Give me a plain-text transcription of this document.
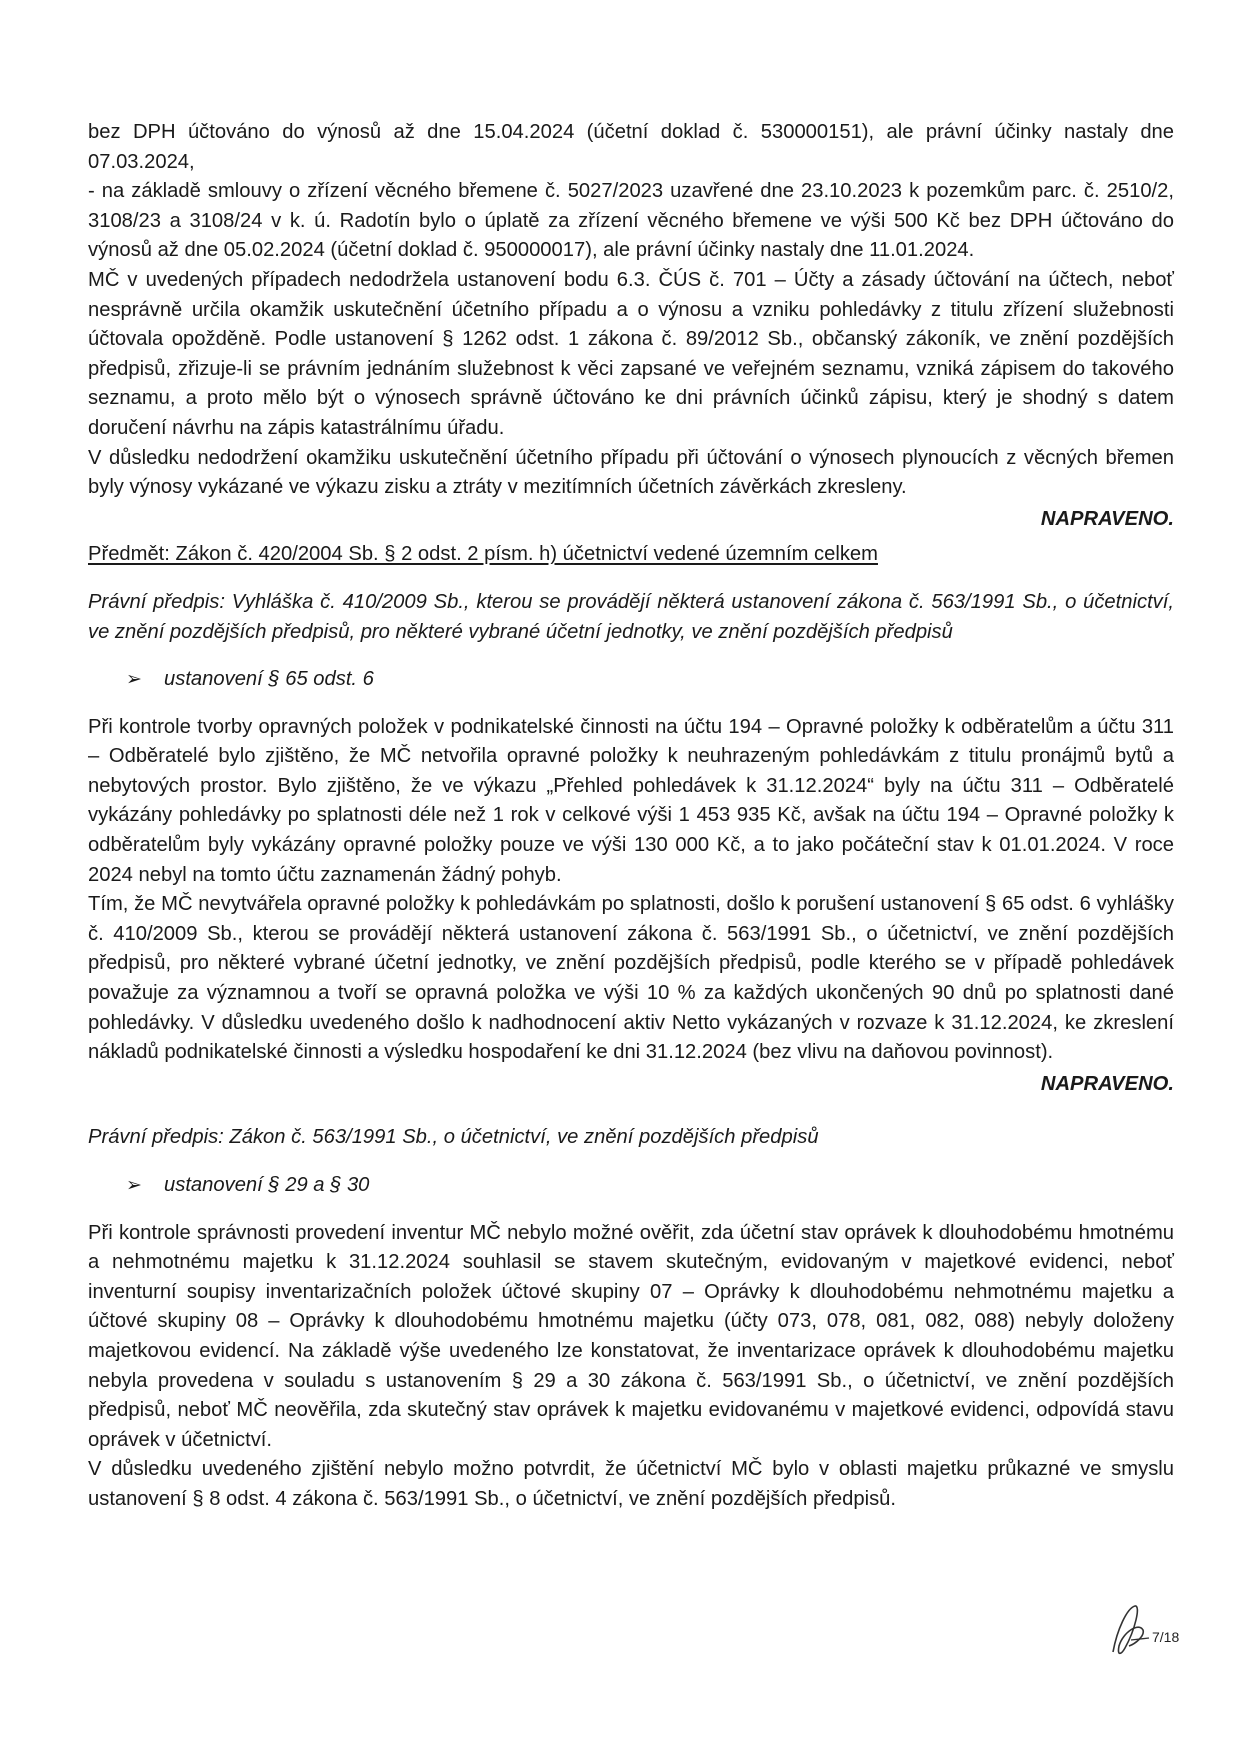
bez DPH účtováno do výnosů až dne 15.04.2024 (účetní doklad č. 530000151), ale právní účinky nastaly dne 07.03.2024,

- na základě smlouvy o zřízení věcného břemene č. 5027/2023 uzavřené dne 23.10.2023 k pozemkům parc. č. 2510/2, 3108/23 a 3108/24 v k. ú. Radotín bylo o úplatě za zřízení věcného břemene ve výši 500 Kč bez DPH účtováno do výnosů až dne 05.02.2024 (účetní doklad č. 950000017), ale právní účinky nastaly dne 11.01.2024.

MČ v uvedených případech nedodržela ustanovení bodu 6.3. ČÚS č. 701 – Účty a zásady účtování na účtech, neboť nesprávně určila okamžik uskutečnění účetního případu a o výnosu a vzniku pohledávky z titulu zřízení služebnosti účtovala opožděně. Podle ustanovení § 1262 odst. 1 zákona č. 89/2012 Sb., občanský zákoník, ve znění pozdějších předpisů, zřizuje-li se právním jednáním služebnost k věci zapsané ve veřejném seznamu, vzniká zápisem do takového seznamu, a proto mělo být o výnosech správně účtováno ke dni právních účinků zápisu, který je shodný s datem doručení návrhu na zápis katastrálnímu úřadu.

V důsledku nedodržení okamžiku uskutečnění účetního případu při účtování o výnosech plynoucích z věcných břemen byly výnosy vykázané ve výkazu zisku a ztráty v mezitímních účetních závěrkách zkresleny.

NAPRAVENO.

Předmět: Zákon č. 420/2004 Sb. § 2 odst. 2 písm. h) účetnictví vedené územním celkem

Právní předpis: Vyhláška č. 410/2009 Sb., kterou se provádějí některá ustanovení zákona č. 563/1991 Sb., o účetnictví, ve znění pozdějších předpisů, pro některé vybrané účetní jednotky, ve znění pozdějších předpisů

➢	ustanovení § 65 odst. 6

Při kontrole tvorby opravných položek v podnikatelské činnosti na účtu 194 – Opravné položky k odběratelům a účtu 311 – Odběratelé bylo zjištěno, že MČ netvořila opravné položky k neuhrazeným pohledávkám z titulu pronájmů bytů a nebytových prostor. Bylo zjištěno, že ve výkazu „Přehled pohledávek k 31.12.2024“ byly na účtu 311 – Odběratelé vykázány pohledávky po splatnosti déle než 1 rok v celkové výši 1 453 935 Kč, avšak na účtu 194 – Opravné položky k odběratelům byly vykázány opravné položky pouze ve výši 130 000 Kč, a to jako počáteční stav k 01.01.2024. V roce 2024 nebyl na tomto účtu zaznamenán žádný pohyb.

Tím, že MČ nevytvářela opravné položky k pohledávkám po splatnosti, došlo k porušení ustanovení § 65 odst. 6 vyhlášky č. 410/2009 Sb., kterou se provádějí některá ustanovení zákona č. 563/1991 Sb., o účetnictví, ve znění pozdějších předpisů, pro některé vybrané účetní jednotky, ve znění pozdějších předpisů, podle kterého se v případě pohledávek považuje za významnou a tvoří se opravná položka ve výši 10 % za každých ukončených 90 dnů po splatnosti dané pohledávky. V důsledku uvedeného došlo k nadhodnocení aktiv Netto vykázaných v rozvaze k 31.12.2024, ke zkreslení nákladů podnikatelské činnosti a výsledku hospodaření ke dni 31.12.2024 (bez vlivu na daňovou povinnost).

NAPRAVENO.

Právní předpis: Zákon č. 563/1991 Sb., o účetnictví, ve znění pozdějších předpisů

➢	ustanovení § 29 a § 30

Při kontrole správnosti provedení inventur MČ nebylo možné ověřit, zda účetní stav oprávek k dlouhodobému hmotnému a nehmotnému majetku k 31.12.2024 souhlasil se stavem skutečným, evidovaným v majetkové evidenci, neboť inventurní soupisy inventarizačních položek účtové skupiny 07 – Oprávky k dlouhodobému nehmotnému majetku a účtové skupiny 08 – Oprávky k dlouhodobému hmotnému majetku (účty 073, 078, 081, 082, 088) nebyly doloženy majetkovou evidencí. Na základě výše uvedeného lze konstatovat, že inventarizace oprávek k dlouhodobému majetku nebyla provedena v souladu s ustanovením § 29 a 30 zákona č. 563/1991 Sb., o účetnictví, ve znění pozdějších předpisů, neboť MČ neověřila, zda skutečný stav oprávek k majetku evidovanému v majetkové evidenci, odpovídá stavu oprávek v účetnictví.

V důsledku uvedeného zjištění nebylo možno potvrdit, že účetnictví MČ bylo v oblasti majetku průkazné ve smyslu ustanovení § 8 odst. 4 zákona č. 563/1991 Sb., o účetnictví, ve znění pozdějších předpisů.

7/18
